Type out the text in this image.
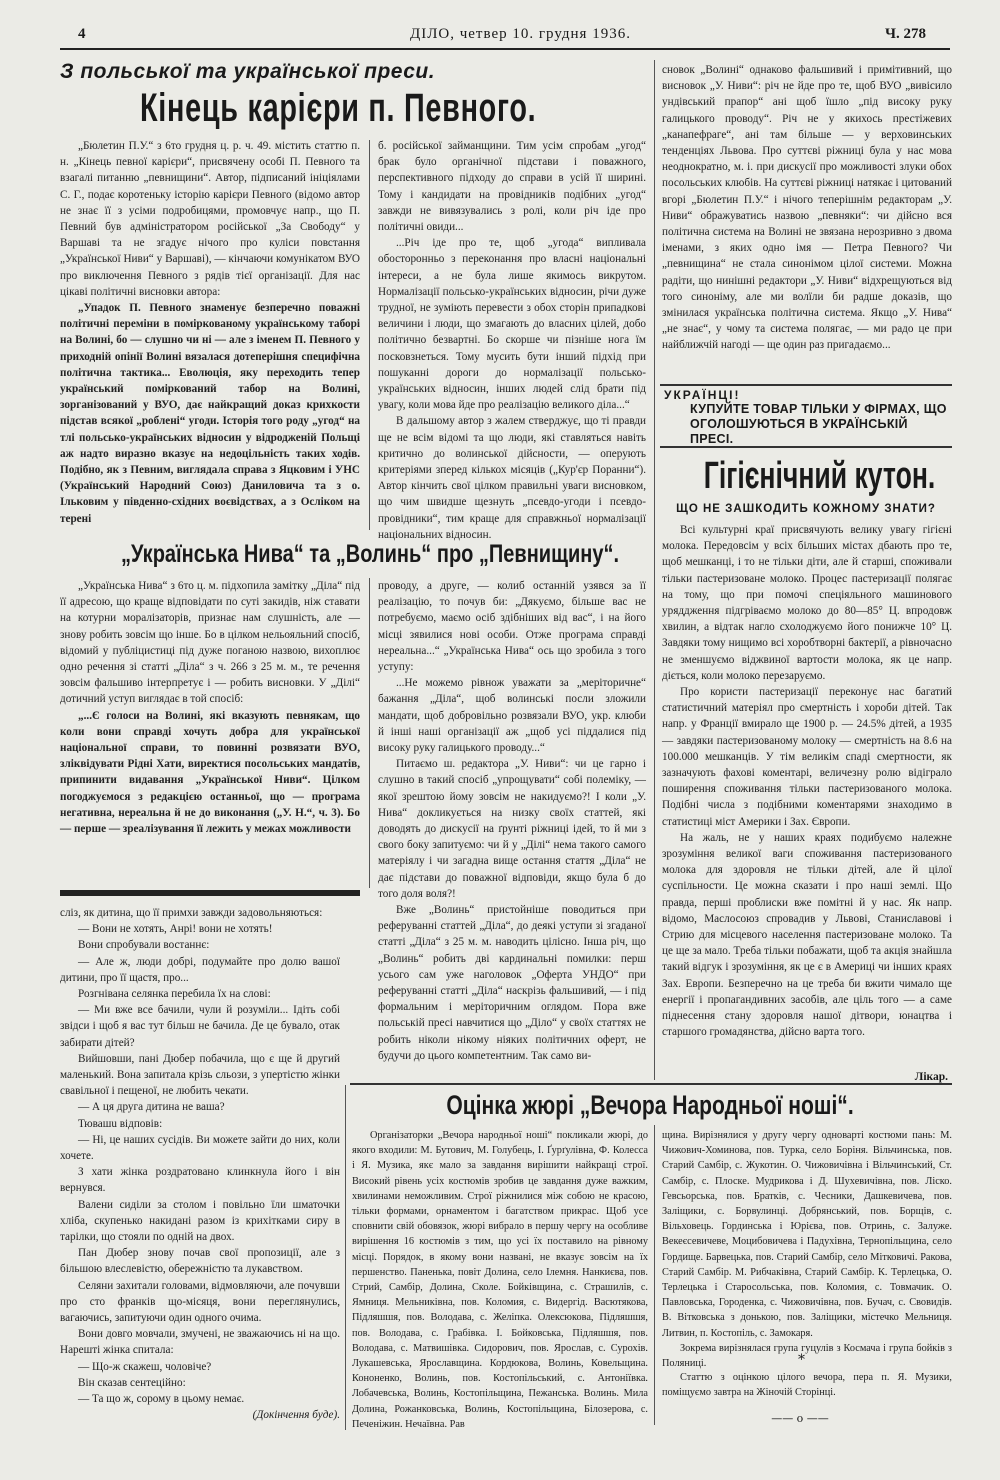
4	ДІЛО, четвер 10. грудня 1936.	Ч. 278
З польської та української преси.
Кінець карієри п. Певного.

„Бюлетин П.У.“ з 6то грудня ц. р. ч. 49. містить статтю п. н. „Кінець певної карієри“, присвячену особі П. Певного та взагалі питанню „певнищини“. Автор, підписаний ініціялами С. Г., подає коротеньку історію карієри Певного (відомо автор не знає її з усіми подробицями, промовчує напр., що П. Певний був адміністратором російської „За Свободу“ у Варшаві та не згадує нічого про куліси повстання „Української Ниви“ у Варшаві), — кінчаючи комунікатом ВУО про виключення Певного з рядів тієї організації. Для нас цікаві політичні висновки автора:

„Упадок П. Певного знаменує безперечно поважні політичні переміни в поміркованому українському таборі на Волині, бо — слушно чи ні — але з іменем П. Певного у приходній опінії Волині вязалася дотеперішня специфічна політична тактика... Еволюція, яку переходить тепер український поміркований табор на Волині, зорганізований у ВУО, дає найкращий доказ крихкости підстав всякої „роблені“ угоди. Історія того роду „угод“ на тлі польсько-українських відносин у відродженій Польщі аж надто виразно вказує на недоцільність таких ходів. Подібно, як з Певним, виглядала справа з Яцковим і УНС (Український Народний Союз) Даниловича та з о. Ільковим у південно-східних воєвідствах, а з Осліком на терені

б. російської займанщини. Тим усім спробам „угод“ брак було органічної підстави і поважного, перспективного підходу до справи в усій її ширині. Тому і кандидати на провідників подібних „угод“ завжди не вивязувались з ролі, коли річ іде про політичні овиди...

...Річ іде про те, щоб „угода“ випливала обосторонньо з переконання про власні національні інтереси, а не була лише якимось викрутом. Нормалізації польсько-українських відносин, річи дуже трудної, не зуміють перевести з обох сторін припадкові величини і люди, що змагають до власних цілей, добо політично безвартні. Бо скорше чи пізніше нога їм посковзнеться. Тому мусить бути інший підхід при пошуканні дороги до нормалізації польсько-українських відносин, інших людей слід брати під увагу, коли мова йде про реалізацію великого діла...“

В дальшому автор з жалем стверджує, що ті правди ще не всім відомі та що люди, які ставляться навіть критично до волинської дійсности, — оперують критеріями зперед кількох місяців („Кур'єр Поранни“). Автор кінчить свої цілком правильні уваги висновком, що чим швидше щезнуть „псевдо-угоди і псевдо-провідники“, тим краще для справжньої нормалізації національних відносин.

сновок „Волині“ однаково фальшивий і примітивний, що висновок „У. Ниви“: річ не йде про те, щоб ВУО „вивісило ундівський прапор“ ані щоб їшло „під високу руку галицького проводу“. Річ не у якихось престіжевих „канапефраге“, ані там більше — у верховинських тенденціях Львова. Про суттєві ріжниці була у нас мова неоднократно, м. і. при дискусії про можливості злуки обох посольських клюбів. На суттєві ріжниці натякає і цитований вгорі „Бюлетин П.У.“ і нічого теперішнім редакторам „У. Ниви“ ображуватись назвою „певняки“: чи дійсно вся політична система на Волині не звязана нерозривно з двома іменами, з яких одно імя — Петра Певного? Чи „певнищина“ не стала синонімом цілої системи. Можна радіти, що нинішні редактори „У. Ниви“ відхрещуються від того синоніму, але ми волїли би радше доказів, що змінилася українська політична система. Якщо „У. Нива“ „не знає“, у чому та система полягає, — ми радо це при найближчій нагоді — ще один раз пригадаємо...

УКРАЇНЦІ!
КУПУЙТЕ ТОВАР ТІЛЬКИ У ФІРМАХ, ЩО ОГОЛОШУЮТЬСЯ В УКРАЇНСЬКІЙ ПРЕСІ.
„Українська Нива“ та „Волинь“ про „Певнищину“.

„Українська Нива“ з 6то ц. м. підхопила замітку „Діла“ під її адресою, що краще відповідати по суті закидів, ніж ставати на котурни моралізаторів, признає нам слушність, але — знову робить зовсім що інше. Бо в цілком нельояльний спосіб, відомий у публіцистиці під дуже поганою назвою, вихоплює одно речення зі статті „Діла“ з ч. 266 з 25 м. м., те речення зовсім фальшиво інтерпретує і — робить висновки. У „Ділі“ дотичний уступ виглядає в той спосіб:

„...Є голоси на Волині, які вказують певнякам, що коли вони справді хочуть добра для української національної справи, то повинні розвязати ВУО, зліквідувати Рідні Хати, виректися посольських мандатів, припинити видавання „Української Ниви“. Цілком погоджуємося з редакцією останньої, що — програма негативна, нереальна й не до виконання („У. Н.“, ч. 3). Бо — перше — зреалізування її лежить у межах можливости

проводу, а друге, — колиб останній узявся за її реалізацію, то почув би: „Дякуємо, більше вас не потребуємо, маємо осіб здібніших від вас“, і на його місці зявилися нові особи. Отже програма справді нереальна...“ „Українська Нива“ ось що зробила з того уступу:

...Не можемо рівнож уважати за „меріторичне“ бажання „Діла“, щоб волинські посли зложили мандати, щоб добровільно розвязали ВУО, укр. клюби й інші наші організації аж „щоб усі піддалися під високу руку галицького проводу...“

Питаємо ш. редактора „У. Ниви“: чи це гарно і слушно в такий спосіб „упрощувати“ собі полеміку, — якої зрештою йому зовсім не накидуємо?! І коли „У. Нива“ докликується на низку своїх статтей, які доводять до дискусії на ґрунті ріжниці ідей, то й ми з свого боку запитуємо: чи й у „Ділі“ нема такого самого матеріялу і чи загадна вище остання стаття „Діла“ не дає підстави до поважної відповіди, якщо була б до того доля воля?!

Вже „Волинь“ пристойніше поводиться при реферуванні статтей „Діла“, до деякі уступи зі згаданої статті „Діла“ з 25 м. м. наводить цілісно. Інша річ, що „Волинь“ робить дві кардинальні помилки: перш усього сам уже наголовок „Оферта УНДО“ при реферуванні статті „Діла“ наскрізь фальшивий, — і під формальним і меріторичним оглядом. Пора вже польській пресі навчитися що „Діло“ у своїх статтях не робить ніколи нікому ніяких політичних оферт, не будучи до цього компетентним. Так само ви-

сліз, як дитина, що її примхи завжди задовольняються:

— Вони не хотять, Анрі! вони не хотять!

Вони спробували востаннє:

— Але ж, люди добрі, подумайте про долю вашої дитини, про її щастя, про...

Розгнівана селянка перебила їх на слові:

— Ми вже все бачили, чули й розуміли... Ідіть собі звідси і щоб я вас тут більш не бачила. Де це бувало, отак забирати дітей?

Вийшовши, пані Дюбер побачила, що є ще й другий маленький. Вона запитала крізь сльози, з упертістю жінки свавільної і пещеної, не любить чекати.

— А ця друга дитина не ваша?

Тювашu відповів:

— Ні, це наших сусідів. Ви можете зайти до них, коли хочете.

З хати жінка роздратовано клинкнула його і він вернувся.

Валени сиділи за столом і повільно їли шматочки хліба, скупенько накидані разом із крихітками сиру в тарілки, що стояли по одній на двох.

Пан Дюбер знову почав свої пропозиції, але з більшою влеслевістю, обережністю та лукавством.

Селяни захитали головами, відмовляючи, але почувши про сто франків що-місяця, вони переглянулись, вагаючись, запитуючи один одного очима.

Вони довго мовчали, змучені, не зважаючись ні на що. Нарешті жінка спитала:

— Що-ж скажеш, чоловіче?

Він сказав сентеційно:

— Та що ж, сорому в цьому немає.

(Докінчення буде).

Гігієнічний кутон.
ЩО НЕ ЗАШКОДИТЬ КОЖНОМУ ЗНАТИ?

Всі культурні краї присвячують велику увагу гігієні молока. Передовсім у всіх більших містах дбають про те, щоб мешканці, і то не тільки діти, але й старші, споживали тільки пастеризоване молоко. Процес пастеризації полягає на тому, що при помочі спеціяльного машинового уряддження підгріваємо молоко до 80—85° Ц. впродовж хвилин, а відтак нагло схолоджуємо його понижче 10° Ц. Завдяки тому нищимо всі хоробтворні бактерії, а рівночасно не зменшуємо віджвиної вартости молока, як це напр. діється, коли молоко перезаруємо.

Про користи пастеризації переконує нас багатий статистичний матеріял про смертність і хороби дітей. Так напр. у Франції вмирало ще 1900 р. — 24.5% дітей, а 1935 — завдяки пастеризованому молоку — смертність на 8.6 на 100.000 мешканців. У тім великім спаді смертности, як зазначують фахові коментарі, величезну ролю відіграло поширення споживання тільки пастеризованого молока. Подібні числа з подібними коментарями знаходимо в статистиці міст Америки і Зах. Європи.

На жаль, не у наших краях подибуємо належне зрозуміння великої ваги споживання пастеризованого молока для здоровля не тільки дітей, але й цілої суспільности. Це можна сказати і про наші землі. Що правда, перші проблиски вже помітні й у нас. Як напр. відомо, Маслосоюз спровадив у Львові, Станиславові і Стрию для місцевого населення пастеризоване молоко. Та це ще за мало. Треба тільки побажати, щоб та акція знайшла такий відгук і зрозуміння, як це є в Америці чи інших краях Зах. Европи. Безперечно на це треба би вжити чимало ще енергії і пропагандивних засобів, але ціль того — а саме піднесення стану здоровля нашої дітвори, юнацтва і старшого громадянства, дійсно варта того.

Лікар.
Оцінка жюрі „Вечора Народньої ноші“.

Організаторки „Вечора народньої ноші“ покликали жюрі, до якого входили: М. Бутович, М. Голубець, І. Ґурґулівна, Ф. Колесса і Я. Музика, якє мало за завдання вирішити найкращі строї. Високий рівень усіх костюмів зробив це завдання дуже важким, хвилинами неможливим. Строї ріжнилися між собою не красою, тільки формами, орнаментом і багатством прикрас. Щоб усе сповнити свій обовязок, жюрі вибрало в першу чергу на особливе вирішення 16 костюмів з тим, що усі їх поставило на рівному місці. Порядок, в якому вони названі, не вказує зовсім на їх першенство. Паненька, повіт Долина, село Ілемня. Нанкиєва, пов. Стрий, Самбір, Долина, Сколе. Бойківщина, с. Страшилів, с. Ямниця. Мельниківна, пов. Коломия, с. Видергід. Васютякова, Підляшшя, пов. Володава, с. Желіпка. Олексюкова, Підляшшя, пов. Володава, с. Грабівка. І. Бойковська, Підляшшя, пов. Володава, с. Матвишівка. Сидорович, пов. Ярослав, с. Сурохів. Лукашевська, Ярославщина. Кордюкова, Волинь, Ковельщина. Кононенко, Волинь, пов. Костопільський, с. Антоніївка. Лобачевська, Волинь, Костопільщина, Пежанська. Волинь. Мила Долина, Рожанковська, Волинь, Костопільщина, Білозерова, с. Печеніжин. Нечаївна. Рав

щина. Вирізнялися у другу чергу одноварті костюми пань: М. Чижович-Хоминова, пов. Турка, село Боріня. Вільчинська, пов. Старий Самбір, с. Жукотин. О. Чижовичівна і Вільчинський, Ст. Самбір, с. Плоске. Мудрикова і Д. Шухевичівна, пов. Ліско. Гевсьорська, пов. Братків, с. Чесники, Дашкевичева, пов. Заліщики, с. Борвулинці. Добрянський, пов. Борщів, с. Вільховець. Гординська і Юрієва, пов. Отринь, с. Залуже. Векеєсевичеве, Моцибовичева і Падухівна, Тернопільщина, село Гордище. Барвецька, пов. Старий Самбір, село Мітковичі. Ракова, Старий Самбір. М. Рибчаківна, Старий Самбір. К. Терлецька, О. Терлецька і Старосольська, пов. Коломия, с. Товмачик. О. Павловська, Городенка, с. Чижовичівна, пов. Бучач, с. Свовидів. В. Вітковська з донькою, пов. Заліщики, містечко Мельниця. Литвин, п. Костопіль, с. Замокаря.

Зокрема вирізнялася група гуцулів з Космача і група бойків з Поляниці.	*

Статтю з оцінкою цілого вечора, пера п. Я. Музики, поміщуємо завтра на Жіночій Сторінці.

—— о ——
